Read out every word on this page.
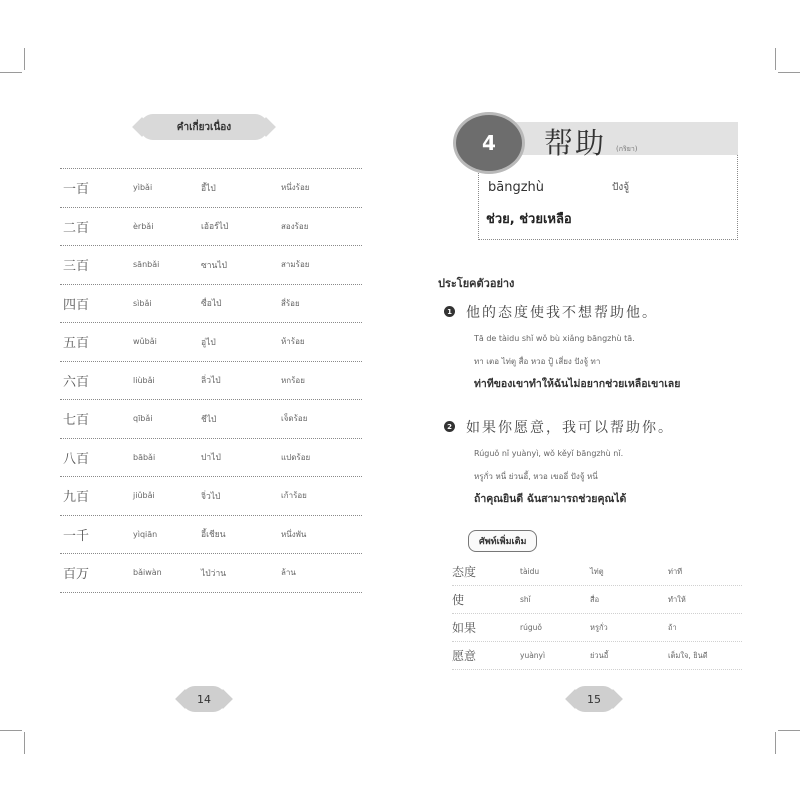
คำเกี่ยวเนื่อง
一百	yìbǎi	อี้ไป่	หนึ่งร้อย
二百	èrbǎi	เอ้อร์ไป่	สองร้อย
三百	sānbǎi	ซานไป่	สามร้อย
四百	sìbǎi	ซื่อไป่	สี่ร้อย
五百	wǔbǎi	อู่ไป่	ห้าร้อย
六百	liùbǎi	ลิ่วไป่	หกร้อย
七百	qībǎi	ชีไป่	เจ็ดร้อย
八百	bābǎi	ปาไป่	แปดร้อย
九百	jiǔbǎi	จิ่วไป่	เก้าร้อย
一千	yìqiān	อี้เชียน	หนึ่งพัน
百万	bǎiwàn	ไป่ว่าน	ล้าน
14
4 帮助 (กริยา)
bāngzhù	ปังจู้
ช่วย, ช่วยเหลือ
ประโยคตัวอย่าง
1 他的态度使我不想帮助他。
Tā de tàidu shǐ wǒ bù xiǎng bāngzhù tā.
ทา เตอ ไท่ตู สื่อ หวอ ปู้ เสี่ยง ปังจู้ ทา
ท่าทีของเขาทำให้ฉันไม่อยากช่วยเหลือเขาเลย
2 如果你愿意，我可以帮助你。
Rúguǒ nǐ yuànyì, wǒ kěyǐ bāngzhù nǐ.
หรูกั่ว หนี่ ย่วนอี้, หวอ เขออี่ ปังจู้ หนี่
ถ้าคุณยินดี ฉันสามารถช่วยคุณได้
ศัพท์เพิ่มเติม
态度	tàidu	ไท่ตู	ท่าที
使	shǐ	สื่อ	ทำให้
如果	rúguǒ	หรูกั่ว	ถ้า
愿意	yuànyì	ย่วนอี้	เต็มใจ, ยินดี
15
